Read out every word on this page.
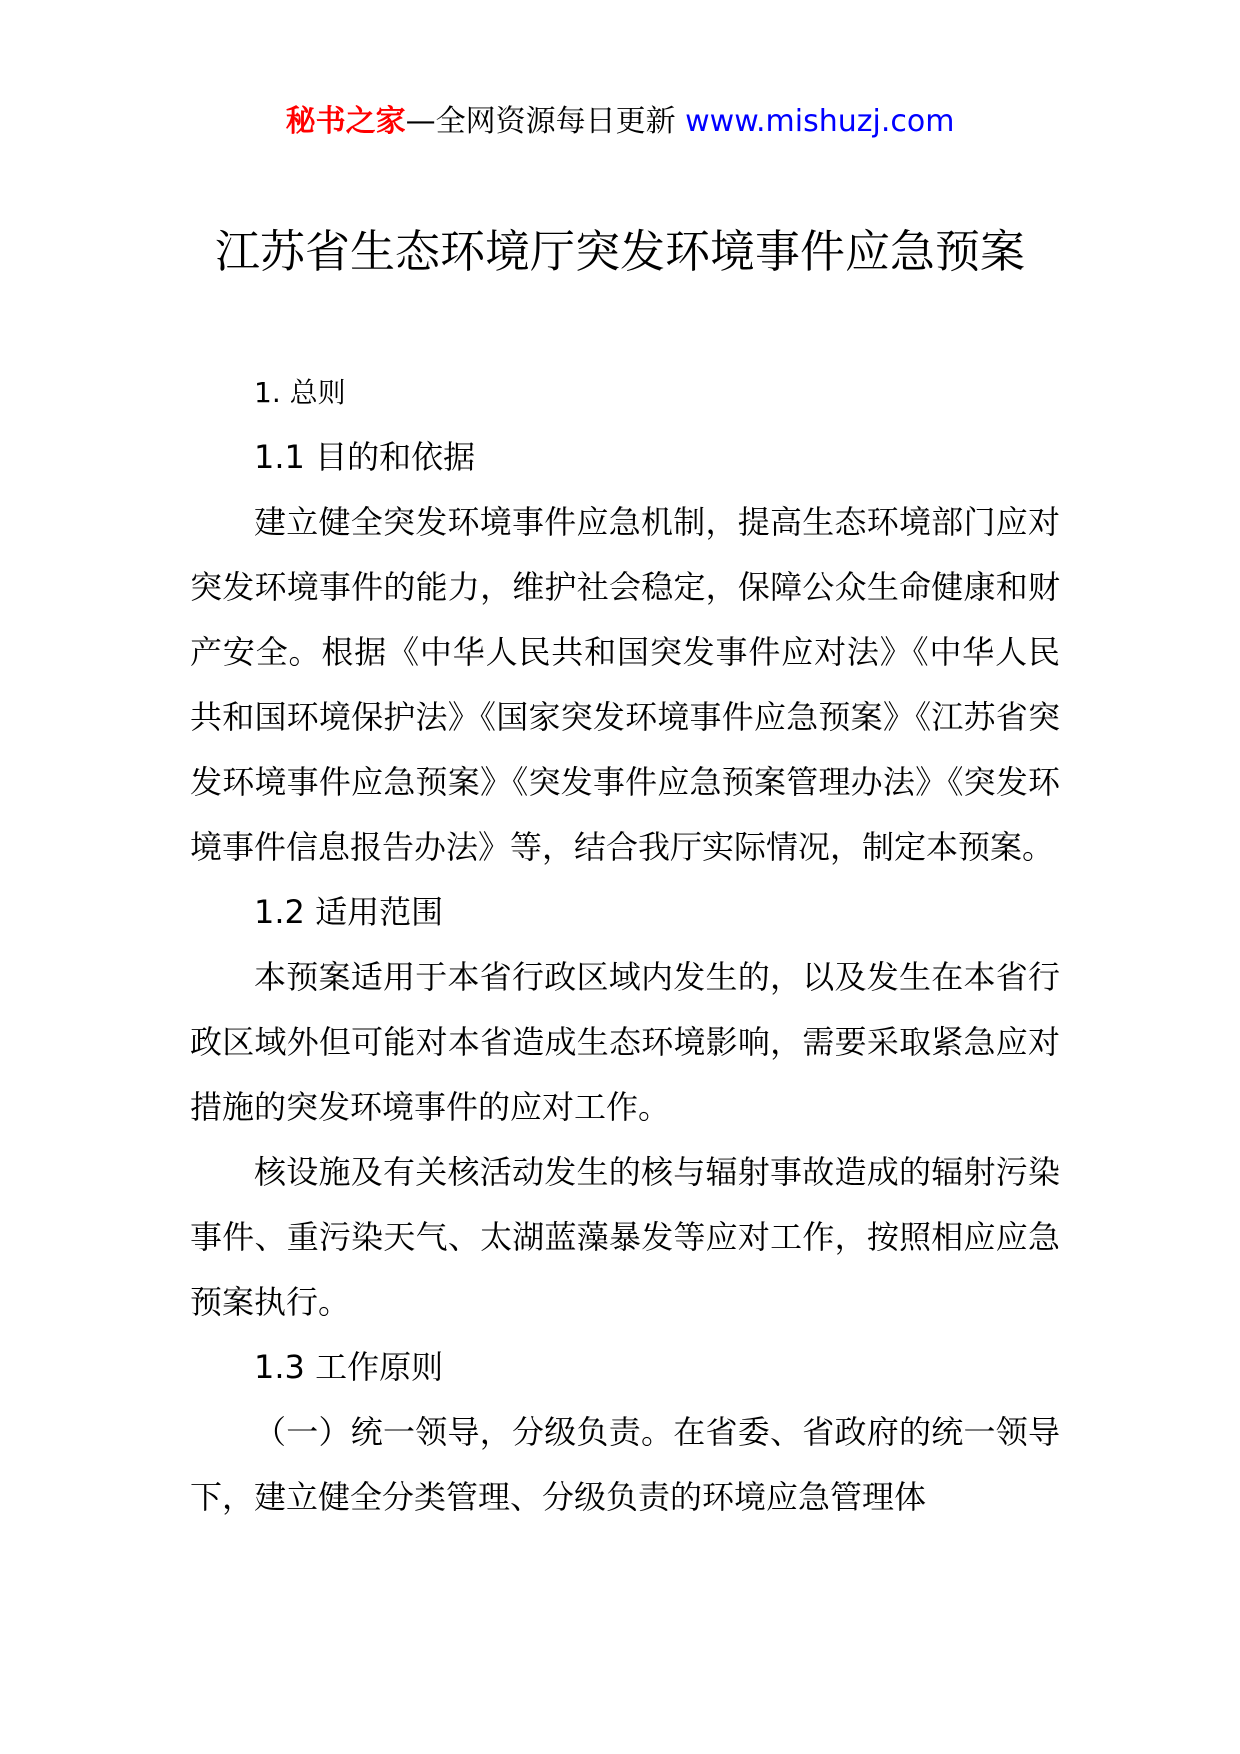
秘书之家—全网资源每日更新 www.mishuzj.com
江苏省生态环境厅突发环境事件应急预案

1. 总则

1.1 目的和依据

建立健全突发环境事件应急机制，提高生态环境部门应对突发环境事件的能力，维护社会稳定，保障公众生命健康和财产安全。根据《中华人民共和国突发事件应对法》《中华人民共和国环境保护法》《国家突发环境事件应急预案》《江苏省突发环境事件应急预案》《突发事件应急预案管理办法》《突发环境事件信息报告办法》等，结合我厅实际情况，制定本预案。

1.2 适用范围

本预案适用于本省行政区域内发生的，以及发生在本省行政区域外但可能对本省造成生态环境影响，需要采取紧急应对措施的突发环境事件的应对工作。

核设施及有关核活动发生的核与辐射事故造成的辐射污染事件、重污染天气、太湖蓝藻暴发等应对工作，按照相应应急预案执行。

1.3 工作原则

（一）统一领导，分级负责。在省委、省政府的统一领导下，建立健全分类管理、分级负责的环境应急管理体
